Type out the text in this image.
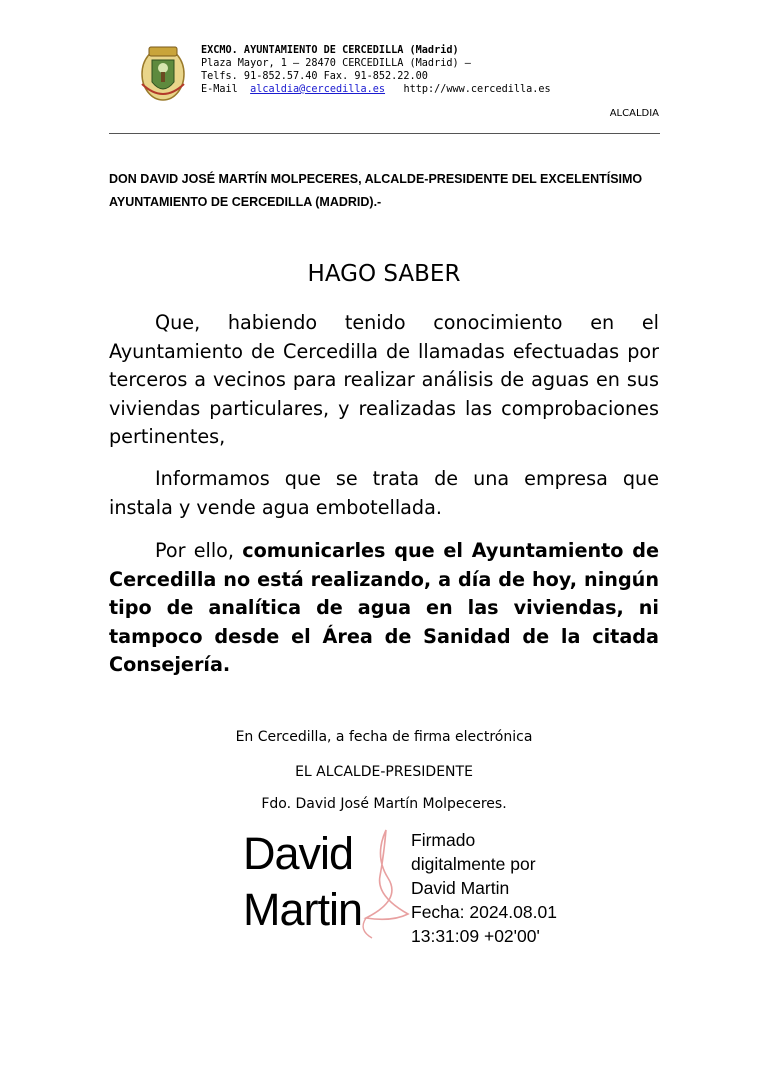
EXCMO. AYUNTAMIENTO DE CERCEDILLA (Madrid)
Plaza Mayor, 1 – 28470 CERCEDILLA (Madrid) –
Telfs. 91-852.57.40 Fax. 91-852.22.00
E-Mail alcaldia@cercedilla.es http://www.cercedilla.es
ALCALDIA
DON DAVID JOSÉ MARTÍN MOLPECERES, ALCALDE-PRESIDENTE DEL EXCELENTÍSIMO AYUNTAMIENTO DE CERCEDILLA (MADRID).-
HAGO SABER
Que, habiendo tenido conocimiento en el Ayuntamiento de Cercedilla de llamadas efectuadas por terceros a vecinos para realizar análisis de aguas en sus viviendas particulares, y realizadas las comprobaciones pertinentes,
Informamos que se trata de una empresa que instala y vende agua embotellada.
Por ello, comunicarles que el Ayuntamiento de Cercedilla no está realizando, a día de hoy, ningún tipo de analítica de agua en las viviendas, ni tampoco desde el Área de Sanidad de la citada Consejería.
En Cercedilla, a fecha de firma electrónica
EL ALCALDE-PRESIDENTE
Fdo. David José Martín Molpeceres.
David
Martin
Firmado
digitalmente por
David Martin
Fecha: 2024.08.01
13:31:09 +02'00'
